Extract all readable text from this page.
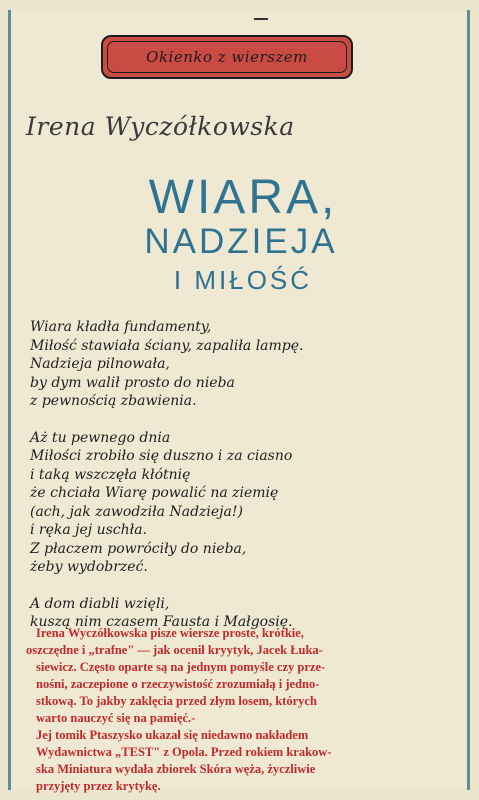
Okienko z wierszem
Irena Wyczółkowska
WIARA,
NADZIEJA
I MIŁOŚĆ
Wiara kładła fundamenty,
Miłość stawiała ściany, zapaliła lampę.
Nadzieja pilnowała,
by dym walił prosto do nieba
z pewnością zbawienia.
Aż tu pewnego dnia
Miłości zrobiło się duszno i za ciasno
i taką wszczęła kłótnię
że chciała Wiarę powalić na ziemię
(ach, jak zawodziła Nadzieja!)
i ręka jej uschła.
Z płaczem powróciły do nieba,
żeby wydobrzeć.
A dom diabli wzięli,
kuszą nim czasem Fausta i Małgosię.

Irena Wyczółkowska pisze wiersze proste, krótkie,
oszczędne i „trafne" — jak ocenił kryytyk, Jacek Łuka-
siewicz. Często oparte są na jednym pomyśle czy prze-
nośni, zaczepione o rzeczywistość zrozumiałą i jedno-
stkową. To jakby zaklęcia przed złym losem, których
warto nauczyć się na pamięć.-

Jej tomik Ptaszysko ukazał się niedawno nakładem
Wydawnictwa „TEST" z Opola. Przed rokiem krakow-
ska Miniatura wydała zbiorek Skóra węża, życzliwie
przyjęty przez krytykę.
